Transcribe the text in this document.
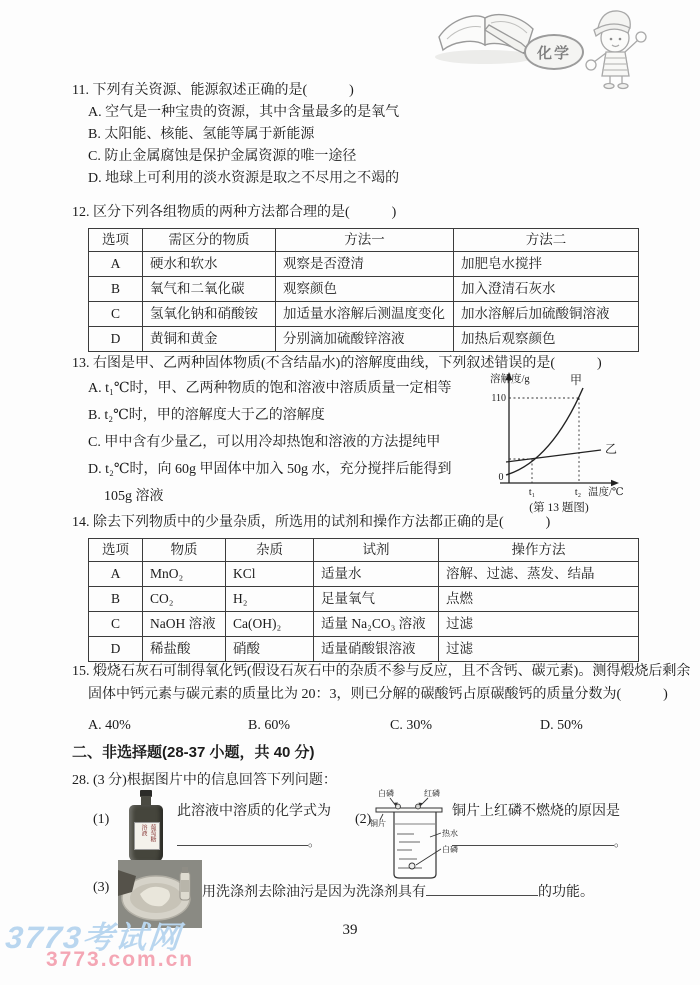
化学
11. 下列有关资源、能源叙述正确的是(　　　)
A. 空气是一种宝贵的资源，其中含量最多的是氧气
B. 太阳能、核能、氢能等属于新能源
C. 防止金属腐蚀是保护金属资源的唯一途径
D. 地球上可利用的淡水资源是取之不尽用之不竭的
12. 区分下列各组物质的两种方法都合理的是(　　　)
选项	需区分的物质	方法一	方法二
A	硬水和软水	观察是否澄清	加肥皂水搅拌
B	氧气和二氧化碳	观察颜色	加入澄清石灰水
C	氢氧化钠和硝酸铵	加适量水溶解后测温度变化	加水溶解后加硫酸铜溶液
D	黄铜和黄金	分别滴加硫酸锌溶液	加热后观察颜色
13. 右图是甲、乙两种固体物质(不含结晶水)的溶解度曲线，下列叙述错误的是(　　　)
A. t₁℃时，甲、乙两种物质的饱和溶液中溶质质量一定相等
B. t₂℃时，甲的溶解度大于乙的溶解度
C. 甲中含有少量乙，可以用冷却热饱和溶液的方法提纯甲
D. t₂℃时，向 60g 甲固体中加入 50g 水，充分搅拌后能得到
105g 溶液
溶解度/g
110
甲
乙
0
t₁	t₂ 温度/℃
(第 13 题图)
14. 除去下列物质中的少量杂质，所选用的试剂和操作方法都正确的是(　　　)
选项	物质	杂质	试剂	操作方法
A	MnO₂	KCl	适量水	溶解、过滤、蒸发、结晶
B	CO₂	H₂	足量氧气	点燃
C	NaOH 溶液	Ca(OH)₂	适量 Na₂CO₃ 溶液	过滤
D	稀盐酸	硝酸	适量硝酸银溶液	过滤
15. 煅烧石灰石可制得氧化钙(假设石灰石中的杂质不参与反应，且不含钙、碳元素)。测得煅烧后剩余
固体中钙元素与碳元素的质量比为 20：3，则已分解的碳酸钙占原碳酸钙的质量分数为(　　　)
A. 40%	B. 60%	C. 30%	D. 50%
二、非选择题(28-37 小题，共 40 分)
28. (3 分)根据图片中的信息回答下列问题：
(1)
葡萄糖
溶液
此溶液中溶质的化学式为
。
(2)
白磷	红磷
铜片
热水
白磷
铜片上红磷不燃烧的原因是
。
(3)	用洗涤剂去除油污是因为洗涤剂具有	的功能。
39
3773考试网
3773.com.cn
